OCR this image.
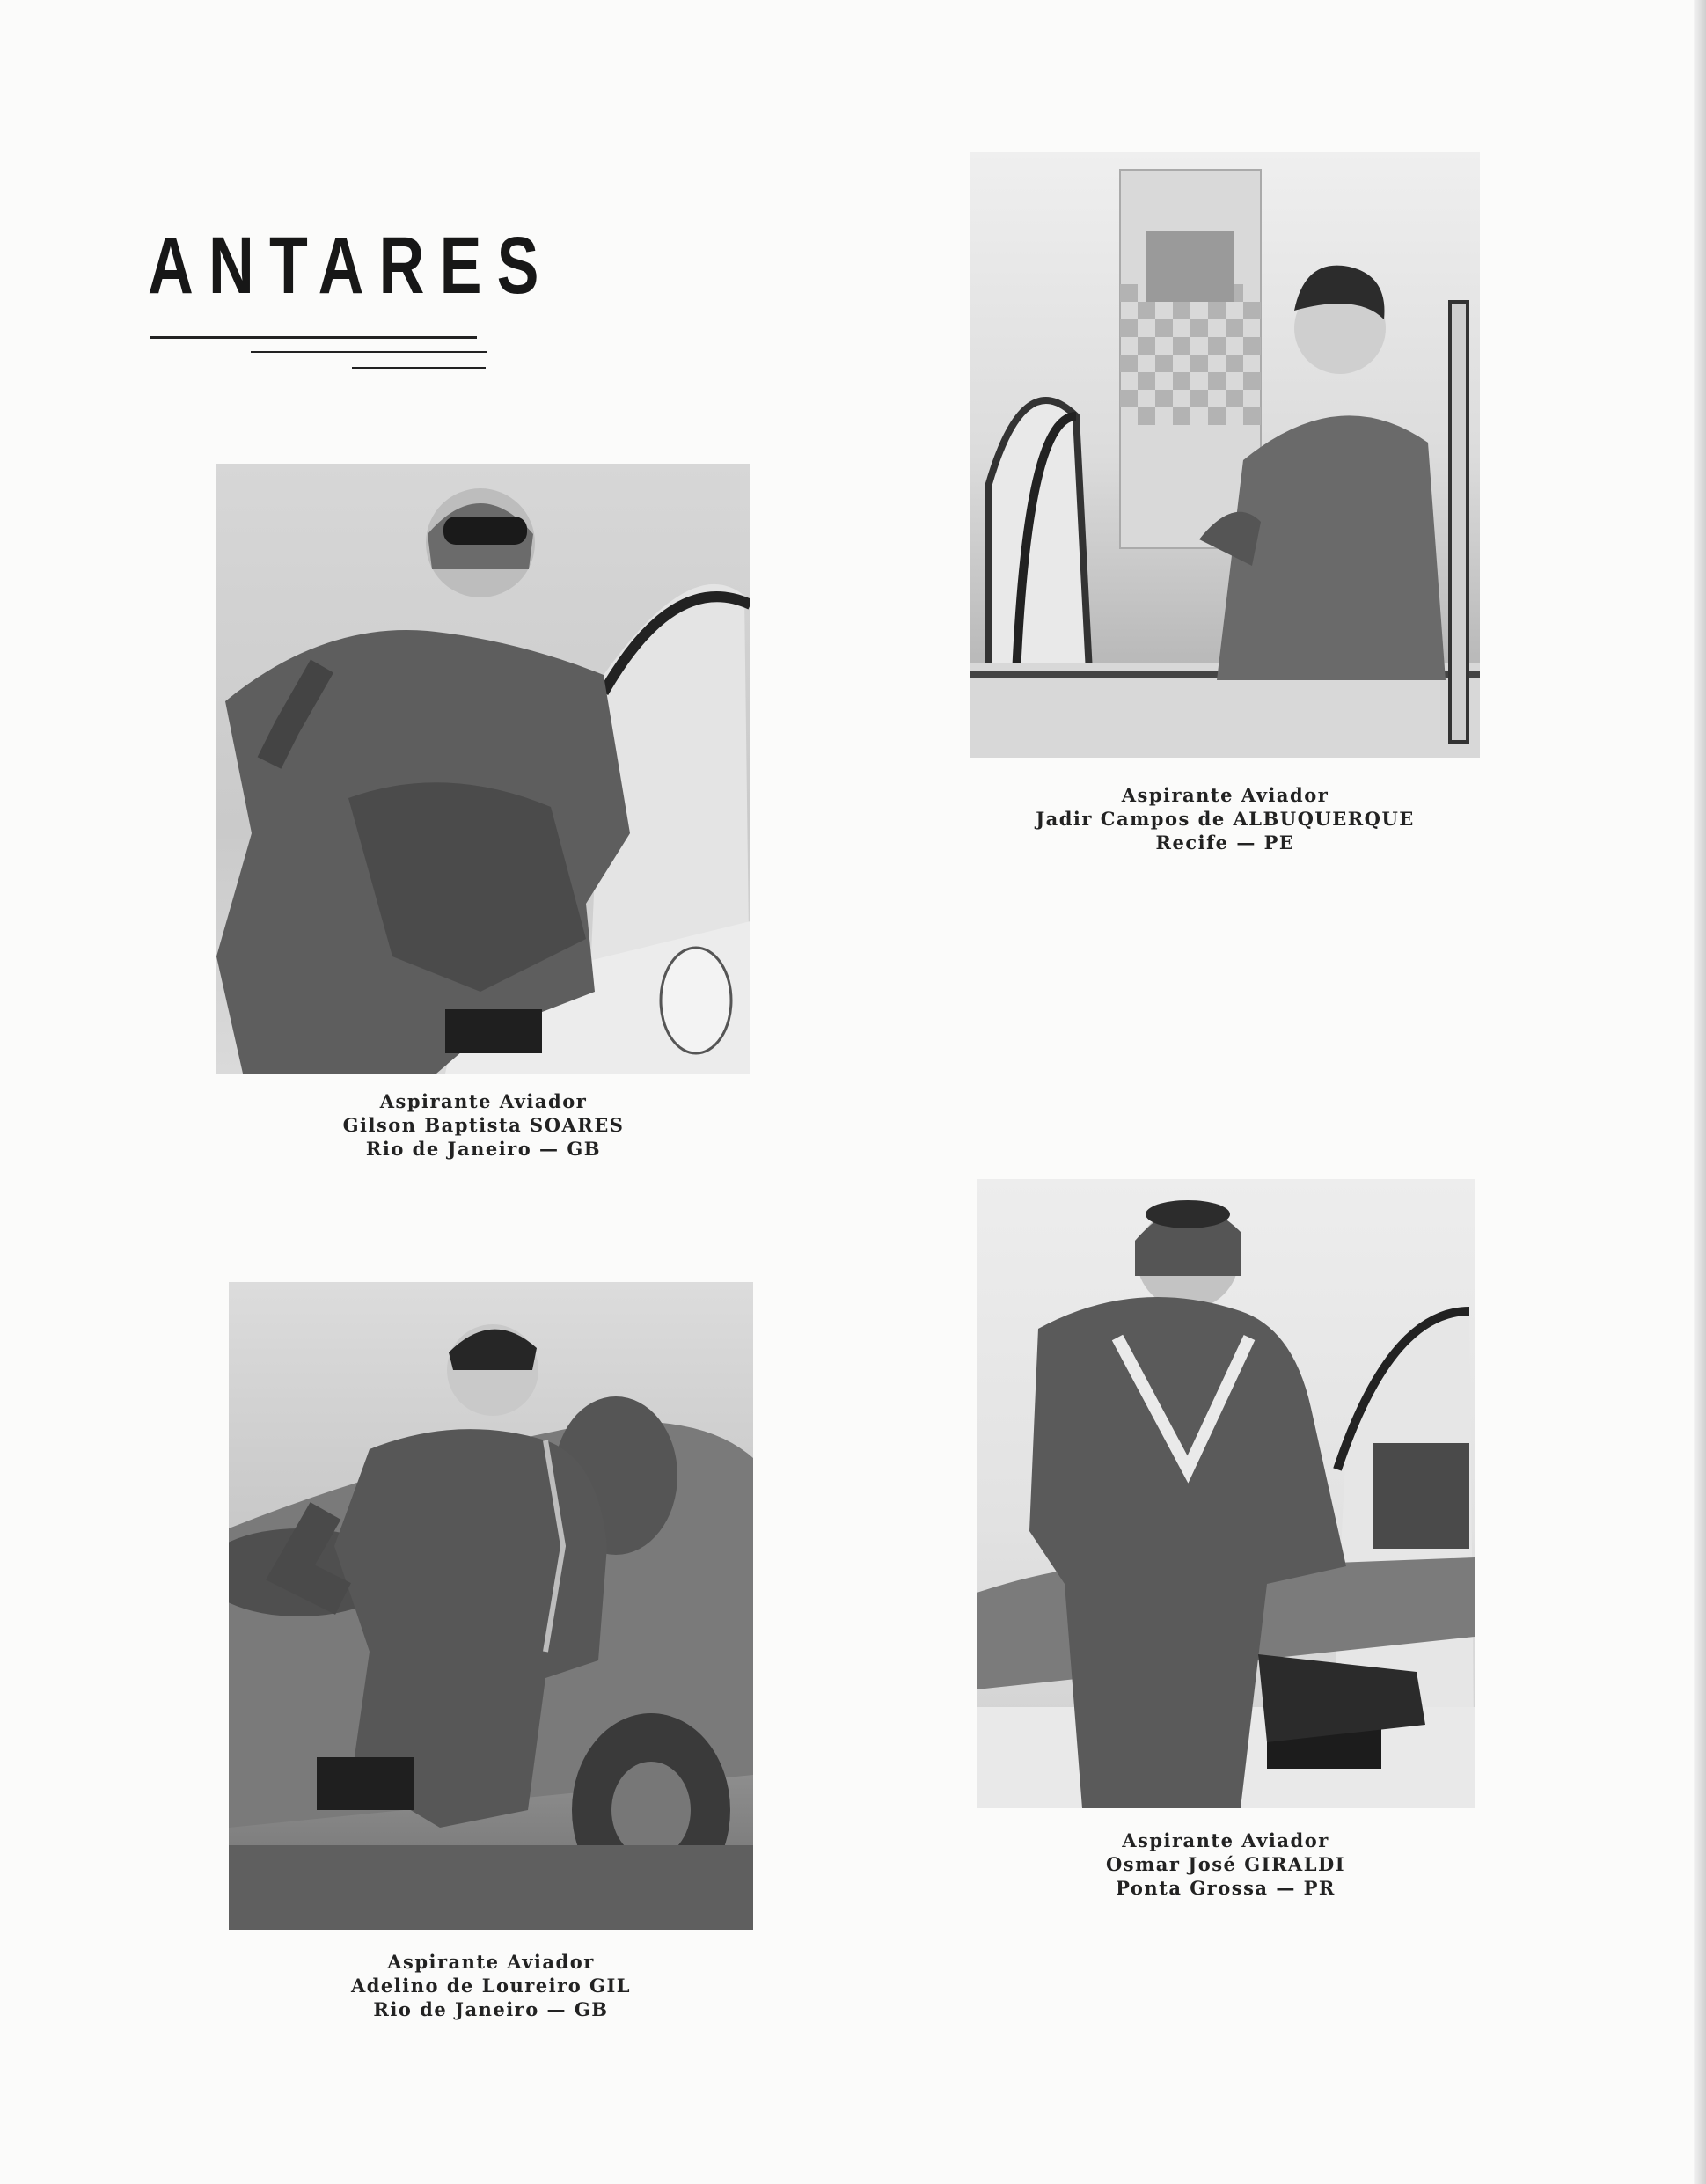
ANTARES
Aspirante Aviador
Jadir Campos de ALBUQUERQUE
Recife — PE
Aspirante Aviador
Gilson Baptista SOARES
Rio de Janeiro — GB
Aspirante Aviador
Osmar José GIRALDI
Ponta Grossa — PR
Aspirante Aviador
Adelino de Loureiro GIL
Rio de Janeiro — GB
